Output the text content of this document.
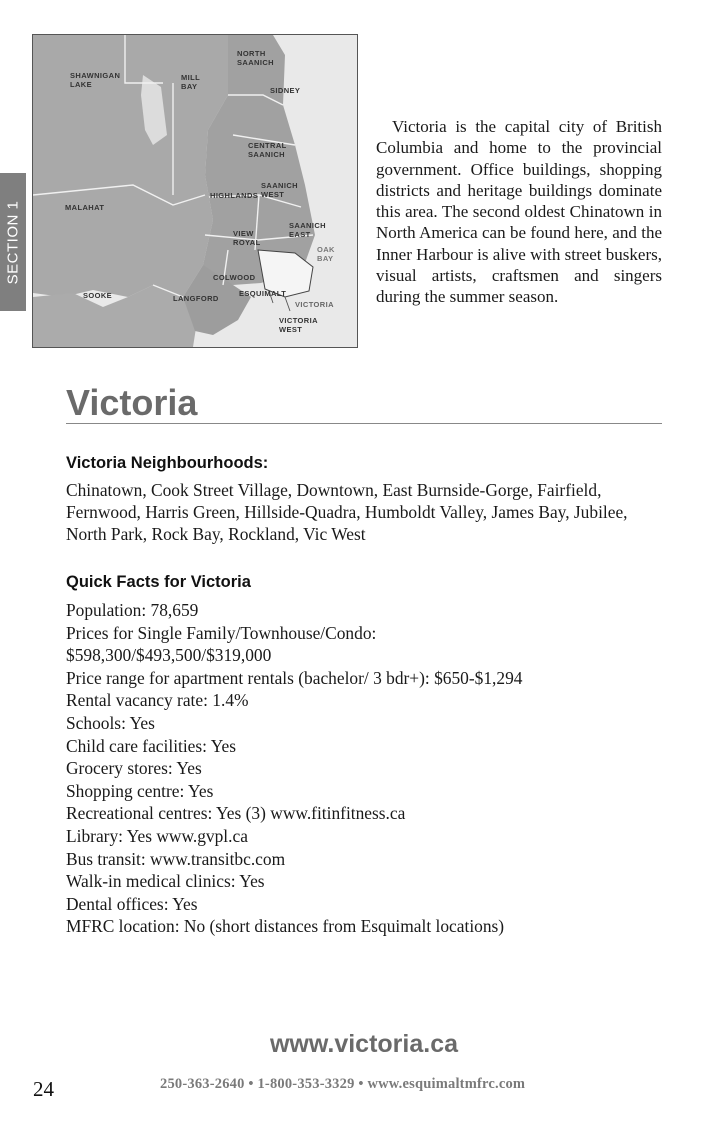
SECTION 1
NORTH
SAANICH
SHAWNIGAN
LAKE
MILL
BAY	SIDNEY
CENTRAL
SAANICH
SAANICH
WEST
HIGHLANDS
MALAHAT
SAANICH
EAST
VIEW
ROYAL
OAK
BAY
COLWOOD
ESQUIMALT
VICTORIA
SOOKE	LANGFORD
VICTORIA
WEST
Victoria is the capital city of British Columbia and home to the provincial government. Office buildings, shopping districts and heritage buildings dominate this area. The second oldest Chinatown in North America can be found here, and the Inner Harbour is alive with street buskers, visual artists, craftsmen and singers during the summer season.
Victoria
Victoria Neighbourhoods:
Chinatown, Cook Street Village, Downtown, East Burnside-Gorge, Fairfield, Fernwood, Harris Green, Hillside-Quadra, Humboldt Valley, James Bay, Jubilee, North Park, Rock Bay, Rockland, Vic West
Quick Facts for Victoria
Population: 78,659
Prices for Single Family/Townhouse/Condo:
$598,300/$493,500/$319,000
Price range for apartment rentals (bachelor/ 3 bdr+): $650-$1,294
Rental vacancy rate: 1.4%
Schools: Yes
Child care facilities: Yes
Grocery stores: Yes
Shopping centre: Yes
Recreational centres: Yes (3) www.fitinfitness.ca
Library: Yes www.gvpl.ca
Bus transit: www.transitbc.com
Walk-in medical clinics: Yes
Dental offices: Yes
MFRC location: No (short distances from Esquimalt locations)
www.victoria.ca
24	250-363-2640 • 1-800-353-3329 • www.esquimaltmfrc.com
